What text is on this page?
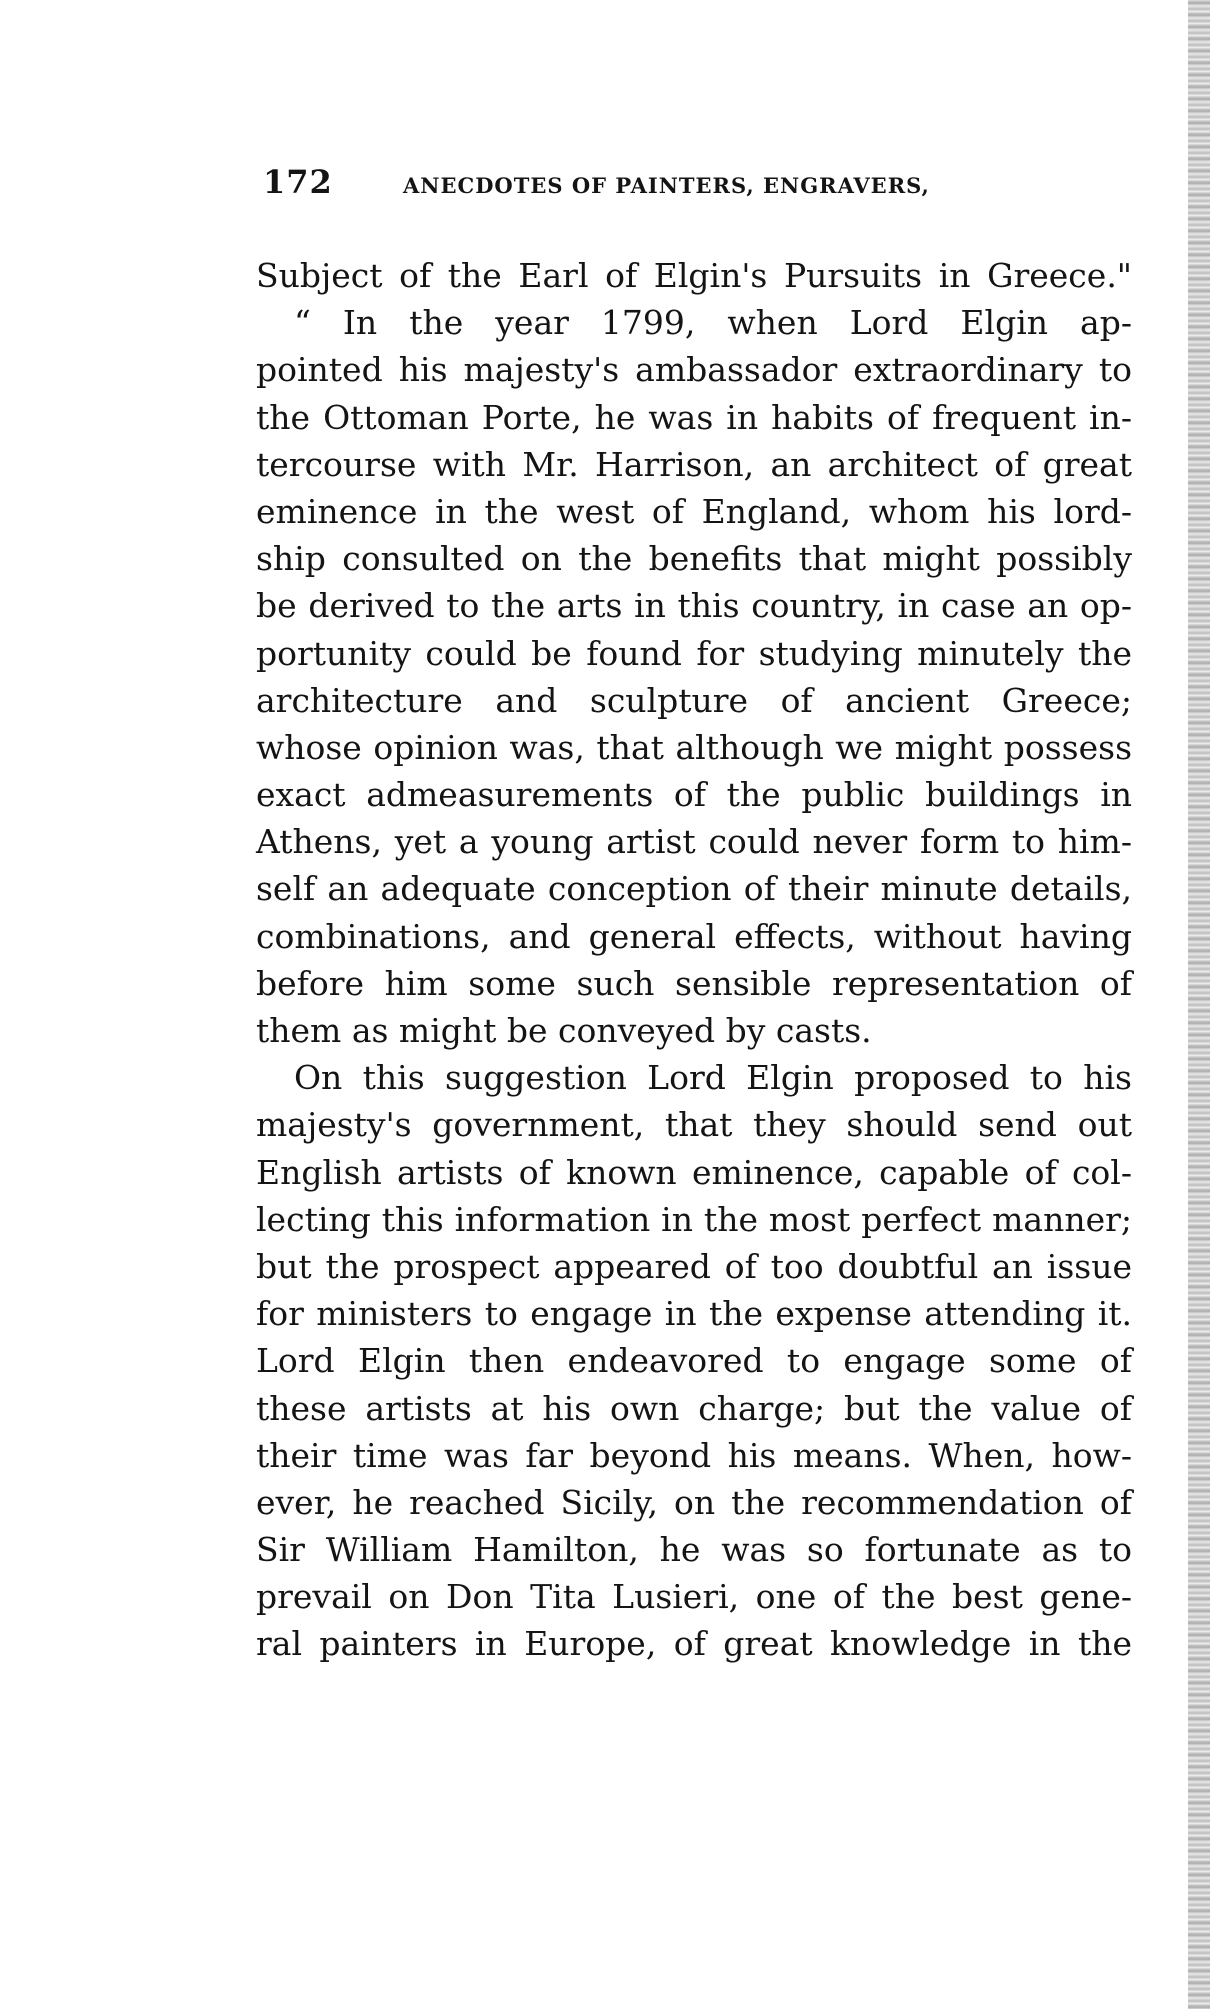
172	ANECDOTES OF PAINTERS, ENGRAVERS,
Subject of the Earl of Elgin's Pursuits in Greece."
“ In the year 1799, when Lord Elgin ap-
pointed his majesty's ambassador extraordinary to
the Ottoman Porte, he was in habits of frequent in-
tercourse with Mr. Harrison, an architect of great
eminence in the west of England, whom his lord-
ship consulted on the benefits that might possibly
be derived to the arts in this country, in case an op-
portunity could be found for studying minutely the
architecture and sculpture of ancient Greece;
whose opinion was, that although we might possess
exact admeasurements of the public buildings in
Athens, yet a young artist could never form to him-
self an adequate conception of their minute details,
combinations, and general effects, without having
before him some such sensible representation of
them as might be conveyed by casts.
On this suggestion Lord Elgin proposed to his
majesty's government, that they should send out
English artists of known eminence, capable of col-
lecting this information in the most perfect manner;
but the prospect appeared of too doubtful an issue
for ministers to engage in the expense attending it.
Lord Elgin then endeavored to engage some of
these artists at his own charge; but the value of
their time was far beyond his means. When, how-
ever, he reached Sicily, on the recommendation of
Sir William Hamilton, he was so fortunate as to
prevail on Don Tita Lusieri, one of the best gene-
ral painters in Europe, of great knowledge in the
